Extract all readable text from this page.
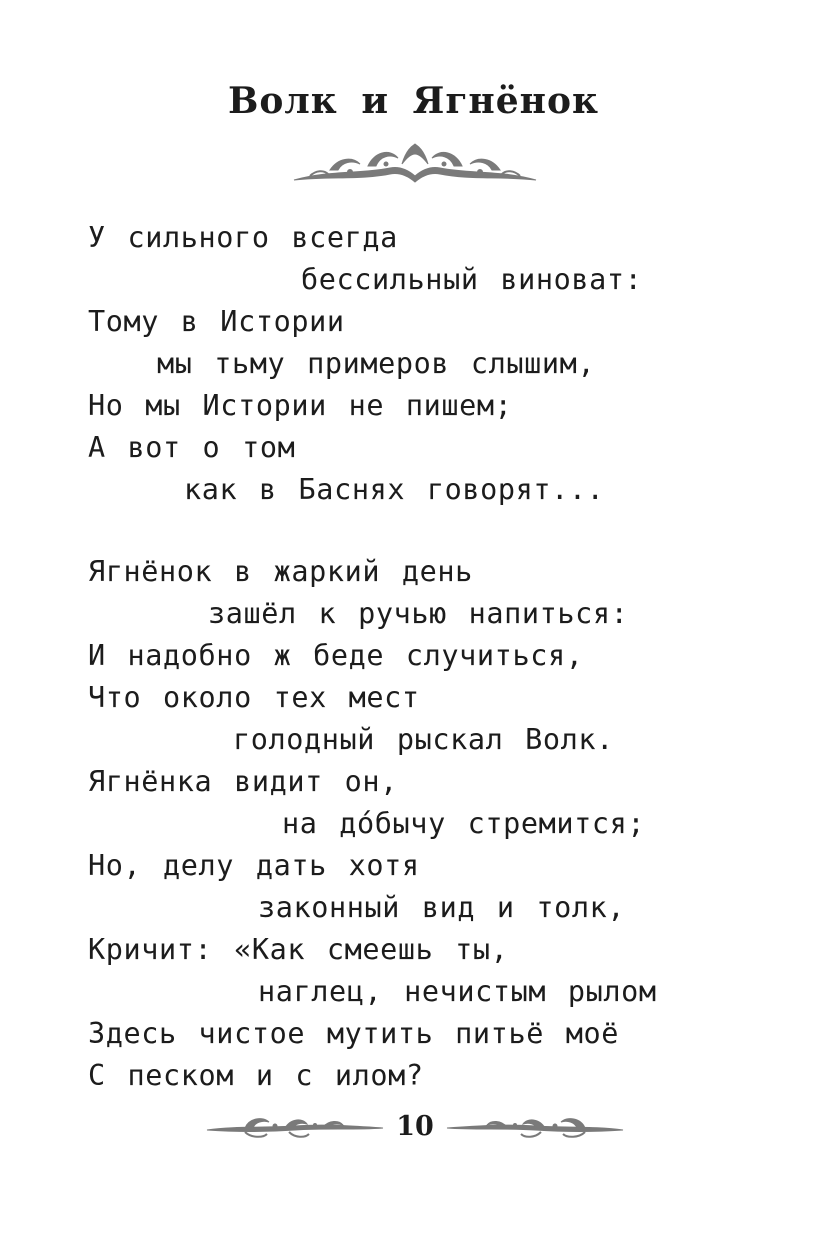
Волк и Ягнёнок
У сильного всегда
бессильный виноват:
Тому в Истории
мы тьму примеров слышим,
Но мы Истории не пишем;
А вот о том
как в Баснях говорят...
Ягнёнок в жаркий день
зашёл к ручью напиться:
И надобно ж беде случиться,
Что около тех мест
голодный рыскал Волк.
Ягнёнка видит он,
на до́бычу стремится;
Но, делу дать хотя
законный вид и толк,
Кричит: «Как смеешь ты,
наглец, нечистым рылом
Здесь чистое мутить питьё моё
С песком и с илом?
10
